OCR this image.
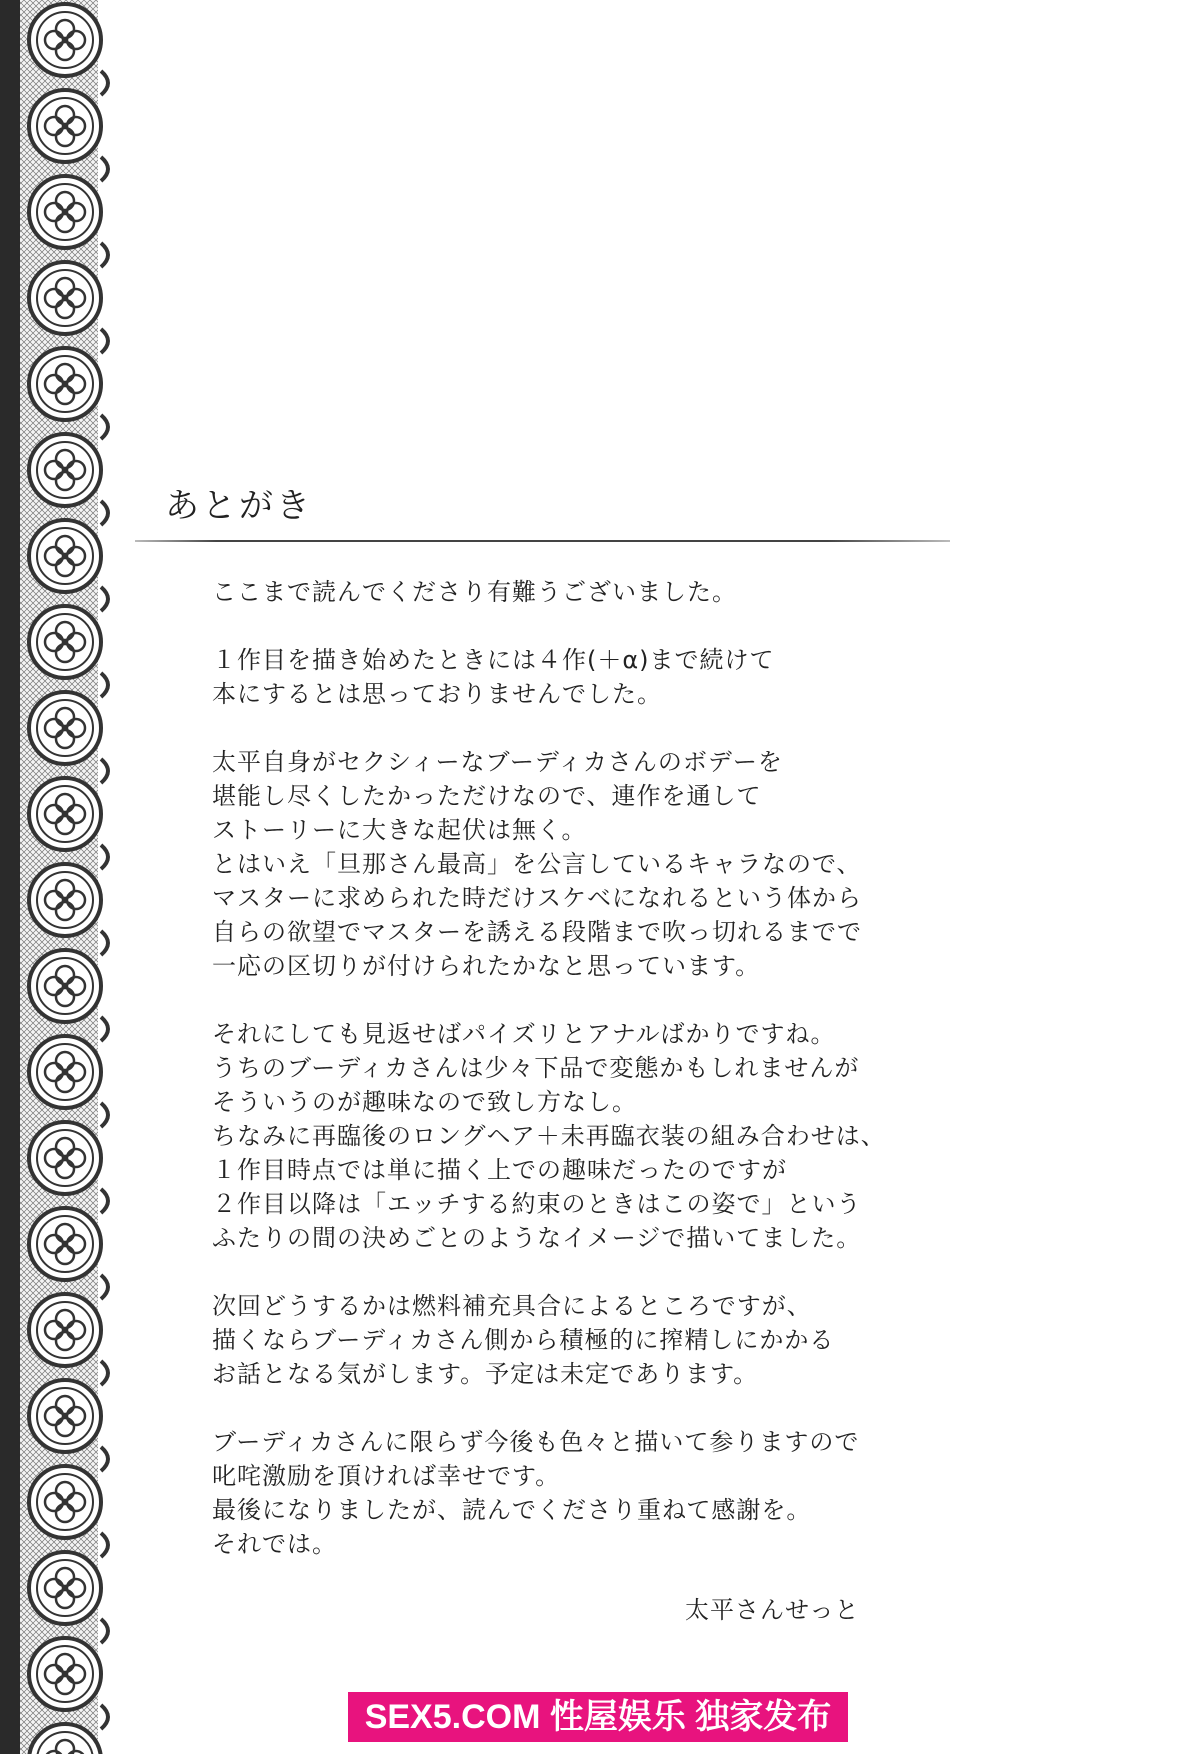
あとがき
ここまで読んでくださり有難うございました。
１作目を描き始めたときには４作(＋α)まで続けて
本にするとは思っておりませんでした。
太平自身がセクシィーなブーディカさんのボデーを
堪能し尽くしたかっただけなので、連作を通して
ストーリーに大きな起伏は無く。
とはいえ「旦那さん最高」を公言しているキャラなので、
マスターに求められた時だけスケベになれるという体から
自らの欲望でマスターを誘える段階まで吹っ切れるまでで
一応の区切りが付けられたかなと思っています。
それにしても見返せばパイズリとアナルばかりですね。
うちのブーディカさんは少々下品で変態かもしれませんが
そういうのが趣味なので致し方なし。
ちなみに再臨後のロングヘア＋未再臨衣装の組み合わせは、
１作目時点では単に描く上での趣味だったのですが
２作目以降は「エッチする約束のときはこの姿で」という
ふたりの間の決めごとのようなイメージで描いてました。
次回どうするかは燃料補充具合によるところですが、
描くならブーディカさん側から積極的に搾精しにかかる
お話となる気がします。予定は未定であります。
ブーディカさんに限らず今後も色々と描いて参りますので
叱咤激励を頂ければ幸せです。
最後になりましたが、読んでくださり重ねて感謝を。
それでは。
太平さんせっと
SEX5.COM 性屋娱乐 独家发布
